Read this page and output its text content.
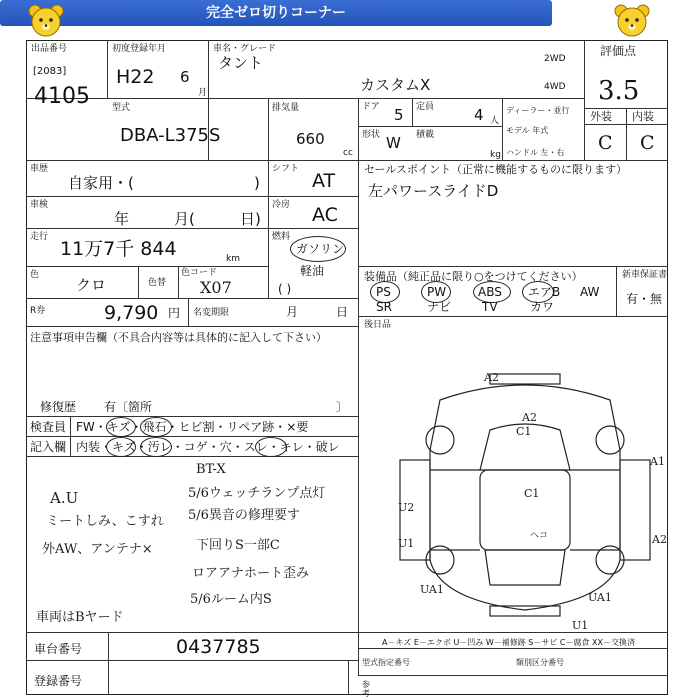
完全ゼロ切りコーナー
出品番号
[2083]
4105
初度登録年月
H22 6
月
車名・グレード
タント
カスタムX
2WD
4WD
評価点
3.5
外装 内装
C C
型式
DBA-L375S
排気量
660
cc
ドア 5 定員	4 人
形状 W 積載
kg
ディーラー・並行
モデル 年式
ハンドル 左・右
車歴
自家用・(	)
シフト
AT
車検
年	月(	日)
冷房 AC
走行
11万7千 844	km
燃料
ガソリン
軽油
( )
色
クロ	色替
色コード
X07
R券	9,790 円 名変期限	月	日
セールスポイント（正常に機能するものに限ります）
左パワースライドD
装備品（純正品に限り○をつけてください）	新車保証書
PS	PW	ABS エアB AW
SR	ナビ	TV	カワ
有・無
後日品
注意事項申告欄（不具合内容等は具体的に記入して下さい）
修復歴 有〔箇所	〕
検査員 FW・キズ・飛石・ヒビ割・リペア跡・×要
記入欄 内装・キズ・汚レ・コゲ・穴・スレ・キレ・破レ
A.U
ミートしみ、こすれ
外AW、アンテナ×
車両はBヤード
BT-X
5/6ウェッチランプ点灯
5/6異音の修理要す
下回りS一部C
ロアアナホート歪み
5/6ルーム内S
A2
A2
C1
A1
U2
C1
U1	A2
UA1
UA1
U1
ヘコ
A－キズ E－エクボ U－凹み W－補修跡 S－サビ C－腐食 XX－交換済
車台番号	0437785
登録番号
型式指定番号	類別区分番号
参
考
